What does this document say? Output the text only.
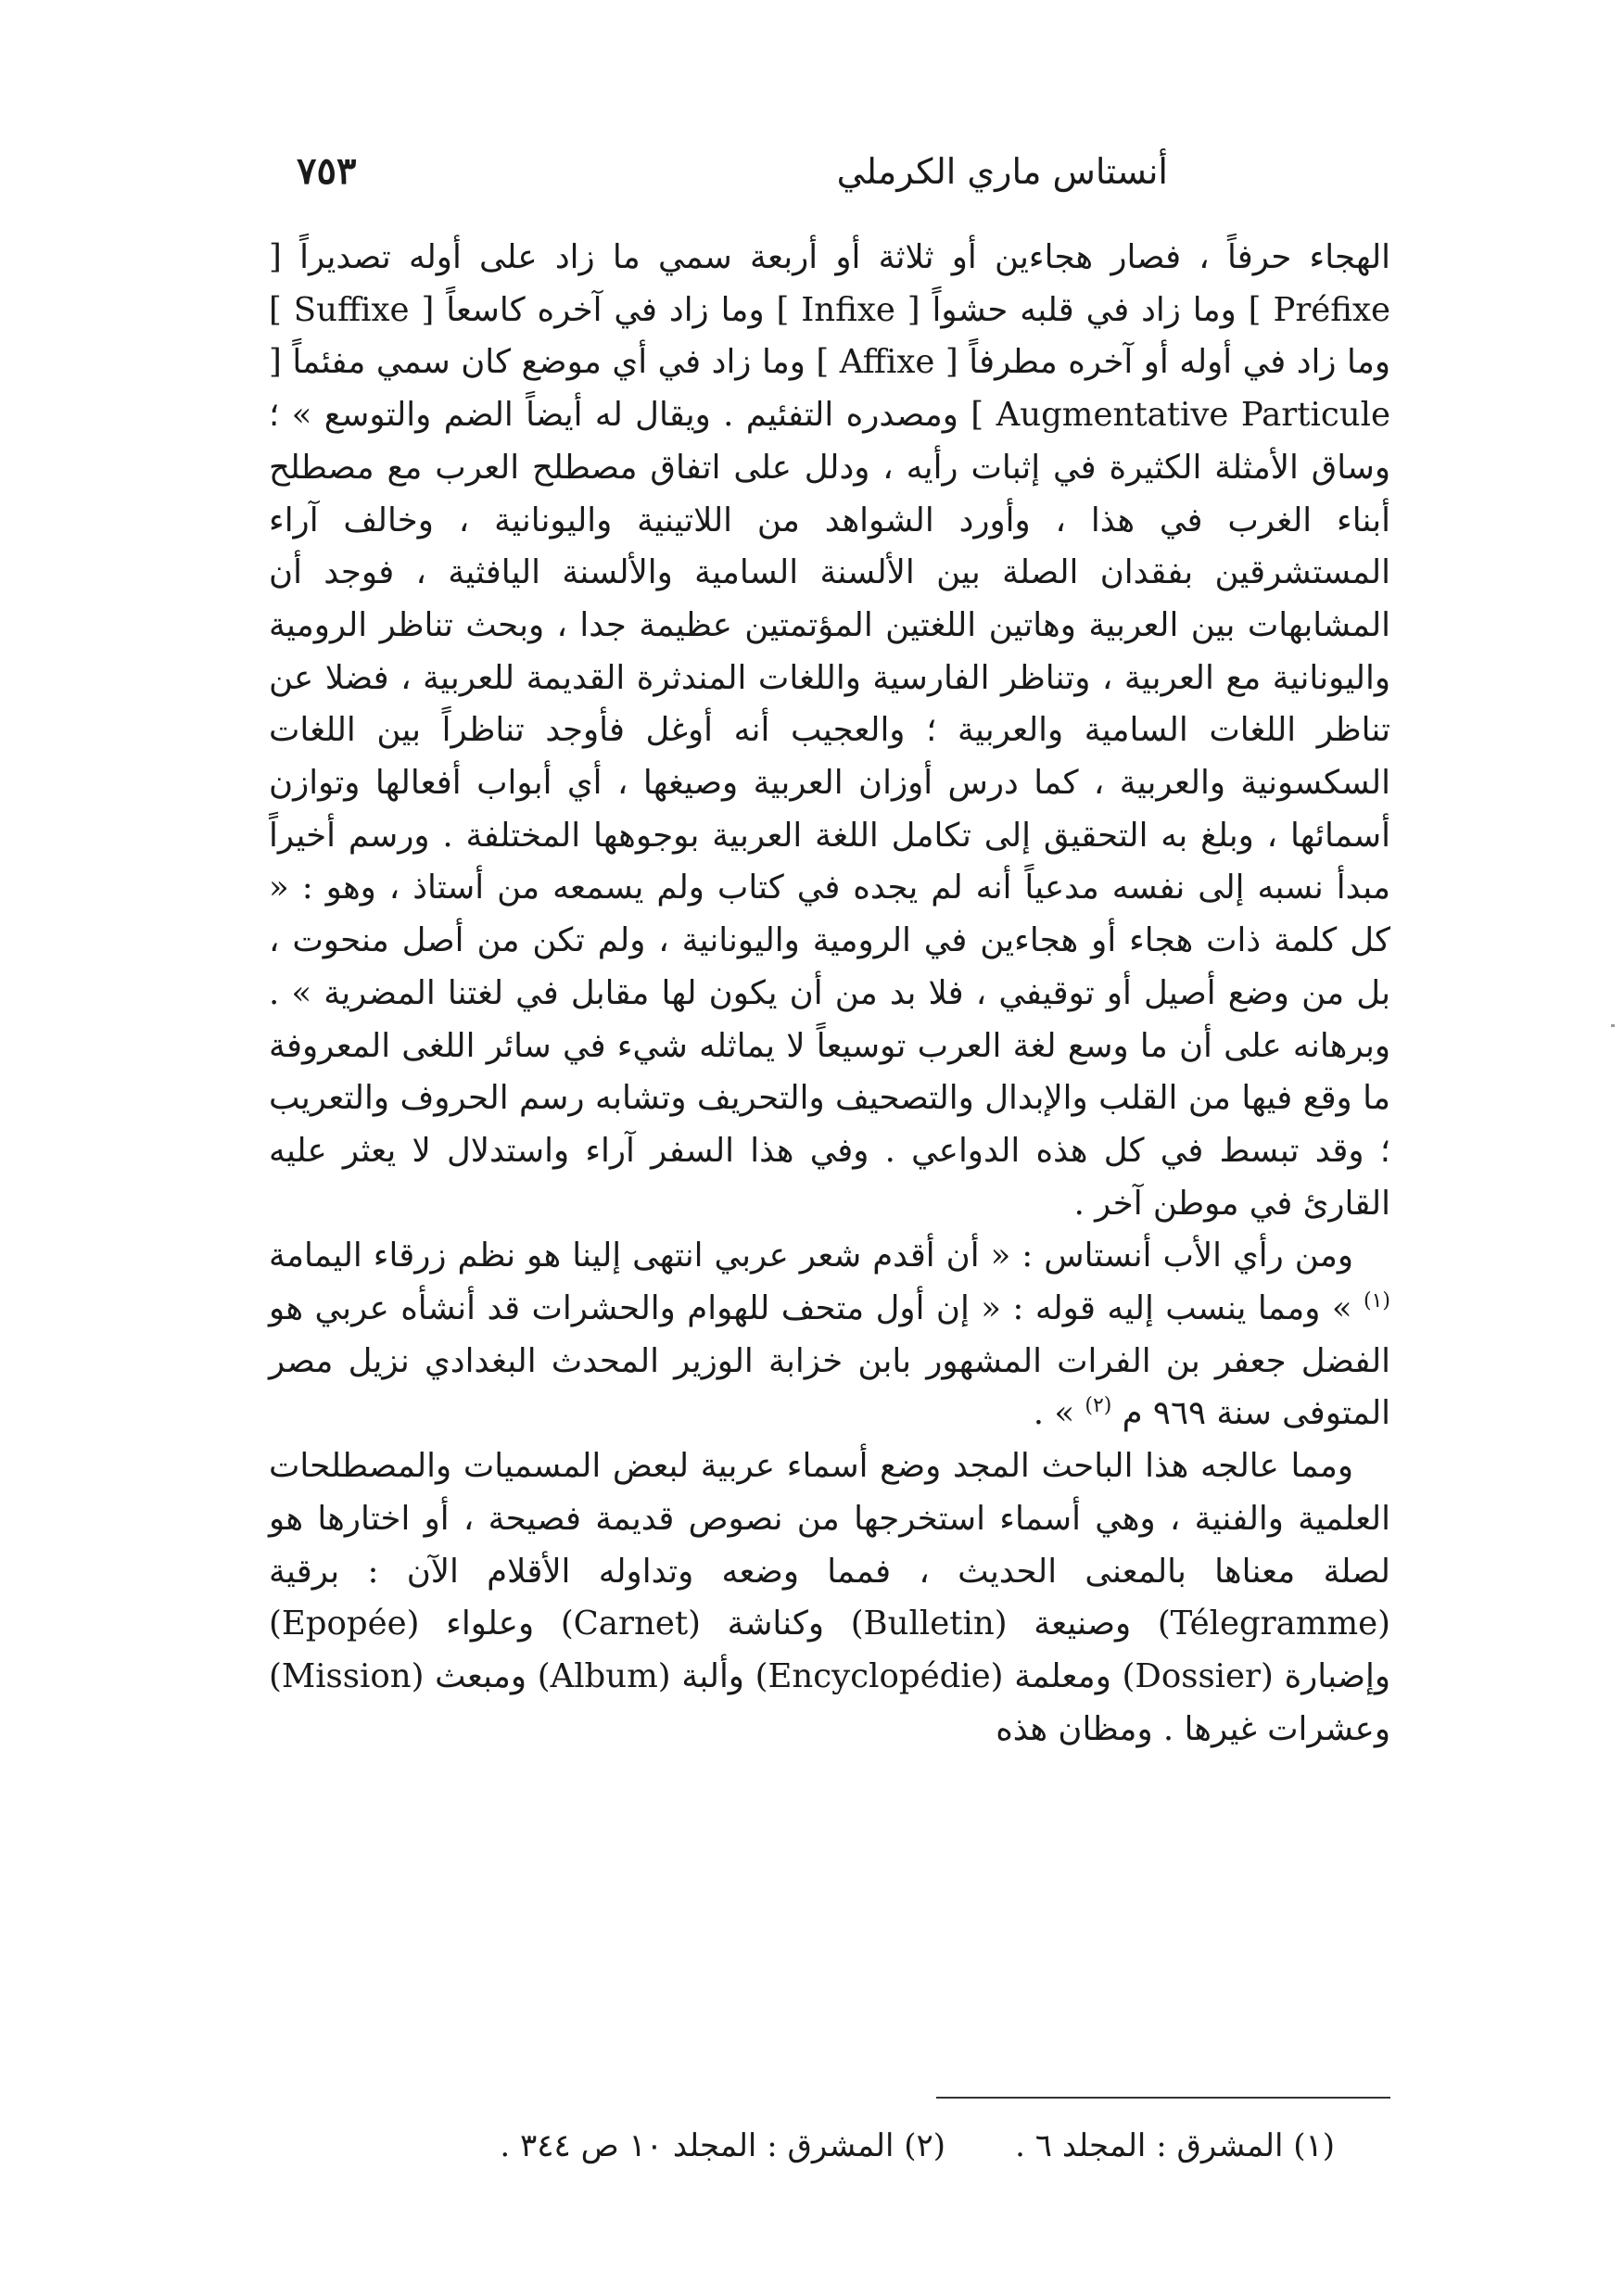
أنستاس ماري الكرملي
٧٥٣

الهجاء حرفاً ، فصار هجاءين أو ثلاثة أو أربعة سمي ما زاد على أوله تصديراً [ Préfixe ] وما زاد في قلبه حشواً [ Infixe ] وما زاد في آخره كاسعاً [ Suffixe ] وما زاد في أوله أو آخره مطرفاً [ Affixe ] وما زاد في أي موضع كان سمي مفئماً [ Particule Augmentative ] ومصدره التفئيم . ويقال له أيضاً الضم والتوسع » ؛ وساق الأمثلة الكثيرة في إثبات رأيه ، ودلل على اتفاق مصطلح العرب مع مصطلح أبناء الغرب في هذا ، وأورد الشواهد من اللاتينية واليونانية ، وخالف آراء المستشرقين بفقدان الصلة بين الألسنة السامية والألسنة اليافثية ، فوجد أن المشابهات بين العربية وهاتين اللغتين المؤتمتين عظيمة جدا ، وبحث تناظر الرومية واليونانية مع العربية ، وتناظر الفارسية واللغات المندثرة القديمة للعربية ، فضلا عن تناظر اللغات السامية والعربية ؛ والعجيب أنه أوغل فأوجد تناظراً بين اللغات السكسونية والعربية ، كما درس أوزان العربية وصيغها ، أي أبواب أفعالها وتوازن أسمائها ، وبلغ به التحقيق إلى تكامل اللغة العربية بوجوهها المختلفة . ورسم أخيراً مبدأ نسبه إلى نفسه مدعياً أنه لم يجده في كتاب ولم يسمعه من أستاذ ، وهو : « كل كلمة ذات هجاء أو هجاءين في الرومية واليونانية ، ولم تكن من أصل منحوت ، بل من وضع أصيل أو توقيفي ، فلا بد من أن يكون لها مقابل في لغتنا المضرية » . وبرهانه على أن ما وسع لغة العرب توسيعاً لا يماثله شيء في سائر اللغى المعروفة ما وقع فيها من القلب والإبدال والتصحيف والتحريف وتشابه رسم الحروف والتعريب ؛ وقد تبسط في كل هذه الدواعي . وفي هذا السفر آراء واستدلال لا يعثر عليه القارئ في موطن آخر .

ومن رأي الأب أنستاس : « أن أقدم شعر عربي انتهى إلينا هو نظم زرقاء اليمامة $^{(١)}$ » ومما ينسب إليه قوله : « إن أول متحف للهوام والحشرات قد أنشأه عربي هو الفضل جعفر بن الفرات المشهور بابن خزابة الوزير المحدث البغدادي نزيل مصر المتوفى سنة ٩٦٩ م $^{(٢)}$ » .

ومما عالجه هذا الباحث المجد وضع أسماء عربية لبعض المسميات والمصطلحات العلمية والفنية ، وهي أسماء استخرجها من نصوص قديمة فصيحة ، أو اختارها هو لصلة معناها بالمعنى الحديث ، فمما وضعه وتداوله الأقلام الآن : برقية (Télegramme) وصنيعة (Bulletin) وكناشة (Carnet) وعلواء (Epopée) وإضبارة (Dossier) ومعلمة (Encyclopédie) وألبة (Album) ومبعث (Mission) وعشرات غيرها . ومظان هذه

(١) المشرق : المجلد ٦ .
(٢) المشرق : المجلد ١٠ ص ٣٤٤ .
